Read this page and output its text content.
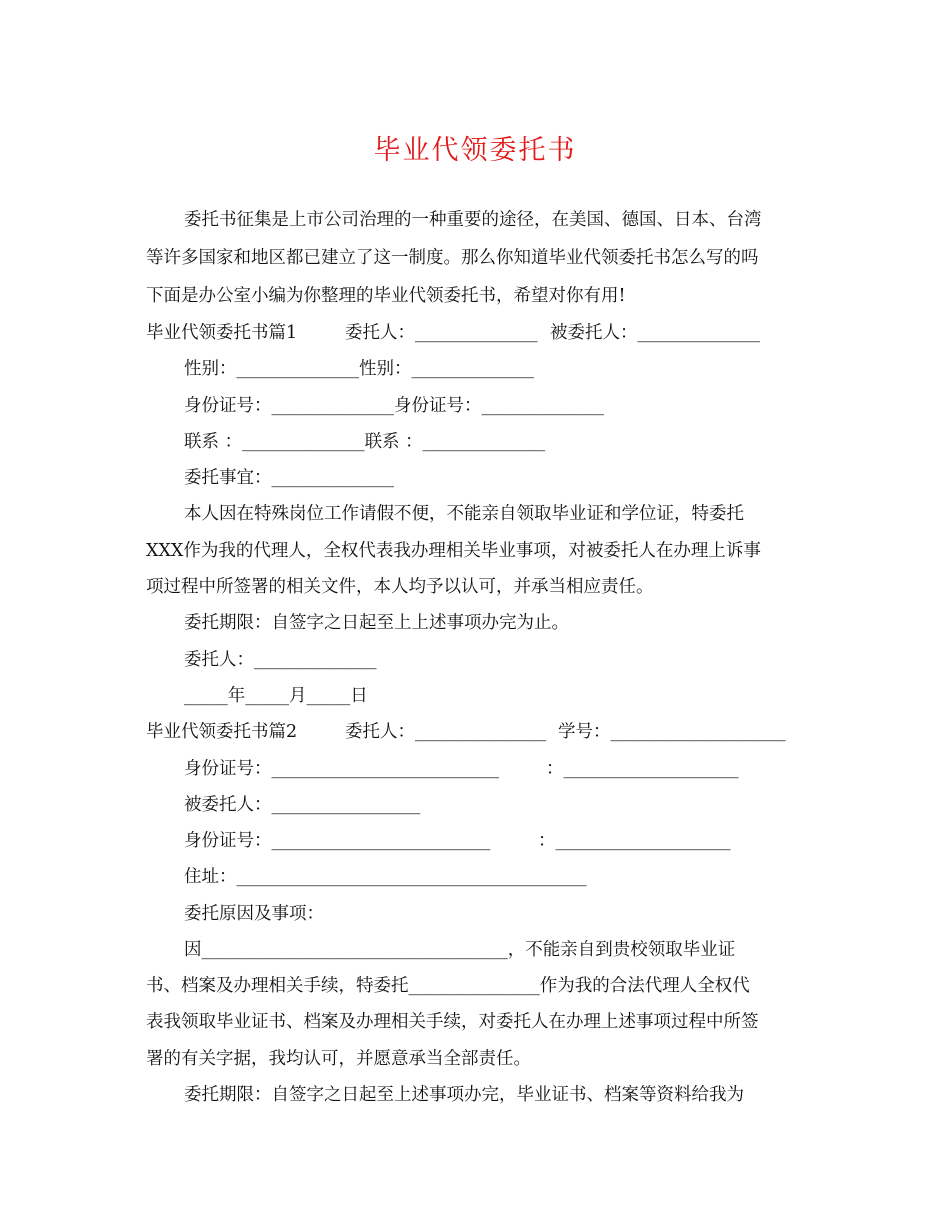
毕业代领委托书
委托书征集是上市公司治理的一种重要的途径，在美国、德国、日本、台湾
等许多国家和地区都已建立了这一制度。那么你知道毕业代领委托书怎么写的吗
下面是办公室小编为你整理的毕业代领委托书，希望对你有用!
毕业代领委托书篇1	委托人：______________ 被委托人：______________
性别：______________性别：______________
身份证号：______________身份证号：______________
联系 ：______________联系 ：______________
委托事宜：______________
本人因在特殊岗位工作请假不便，不能亲自领取毕业证和学位证，特委托
XXX作为我的代理人，全权代表我办理相关毕业事项，对被委托人在办理上诉事
项过程中所签署的相关文件，本人均予以认可，并承当相应责任。
委托期限：自签字之日起至上上述事项办完为止。
委托人：______________
_____年_____月_____日
毕业代领委托书篇2	委托人：_______________ 学号：____________________
身份证号：__________________________	：____________________
被委托人：_________________
身份证号：_________________________	：____________________
住址：________________________________________
委托原因及事项：
因___________________________________，不能亲自到贵校领取毕业证
书、档案及办理相关手续，特委托_______________作为我的合法代理人全权代
表我领取毕业证书、档案及办理相关手续，对委托人在办理上述事项过程中所签
署的有关字据，我均认可，并愿意承当全部责任。
委托期限：自签字之日起至上述事项办完，毕业证书、档案等资料给我为
